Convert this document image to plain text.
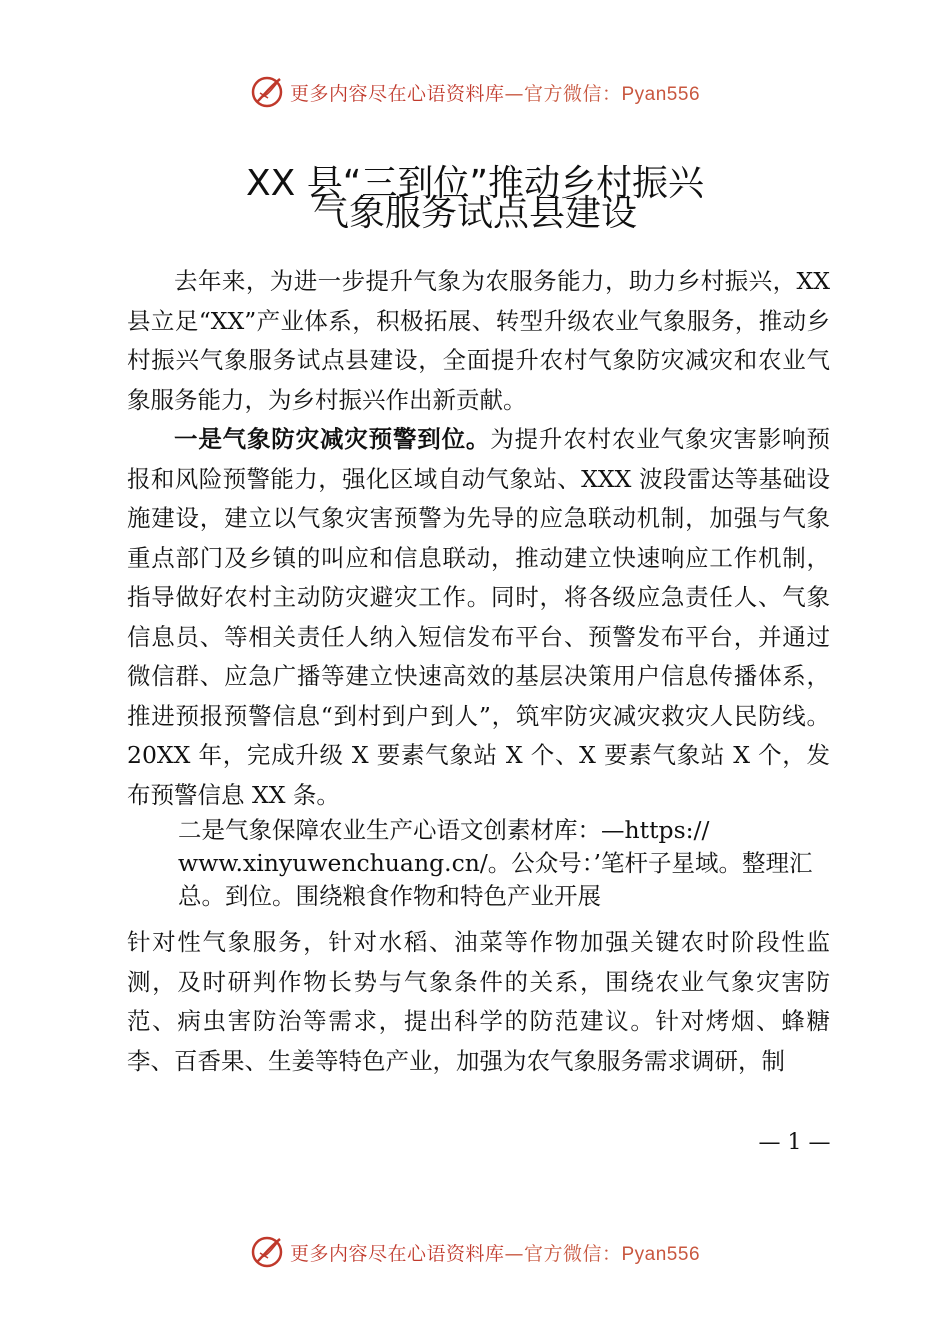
更多内容尽在心语资料库—官方微信：Pyan556
XX 县“三到位”推动乡村振兴
气象服务试点县建设
去年来，为进一步提升气象为农服务能力，助力乡村振兴，XX 县立足“XX”产业体系，积极拓展、转型升级农业气象服务，推动乡村振兴气象服务试点县建设，全面提升农村气象防灾减灾和农业气象服务能力，为乡村振兴作出新贡献。
一是气象防灾减灾预警到位。为提升农村农业气象灾害影响预报和风险预警能力，强化区域自动气象站、XXX 波段雷达等基础设施建设，建立以气象灾害预警为先导的应急联动机制，加强与气象重点部门及乡镇的叫应和信息联动，推动建立快速响应工作机制，指导做好农村主动防灾避灾工作。同时，将各级应急责任人、气象信息员、等相关责任人纳入短信发布平台、预警发布平台，并通过微信群、应急广播等建立快速高效的基层决策用户信息传播体系，推进预报预警信息“到村到户到人”，筑牢防灾减灾救灾人民防线。20XX 年，完成升级 X 要素气象站 X 个、X 要素气象站 X 个，发布预警信息 XX 条。
二是气象保障农业生产心语文创素材库：—https:// www.xinyuwenchuang.cn/。公众号：’笔杆子星域。整理汇总。到位。围绕粮食作物和特色产业开展
针对性气象服务，针对水稻、油菜等作物加强关键农时阶段性监测，及时研判作物长势与气象条件的关系，围绕农业气象灾害防范、病虫害防治等需求，提出科学的防范建议。针对烤烟、蜂糖李、百香果、生姜等特色产业，加强为农气象服务需求调研，制
— 1 —
更多内容尽在心语资料库—官方微信：Pyan556
